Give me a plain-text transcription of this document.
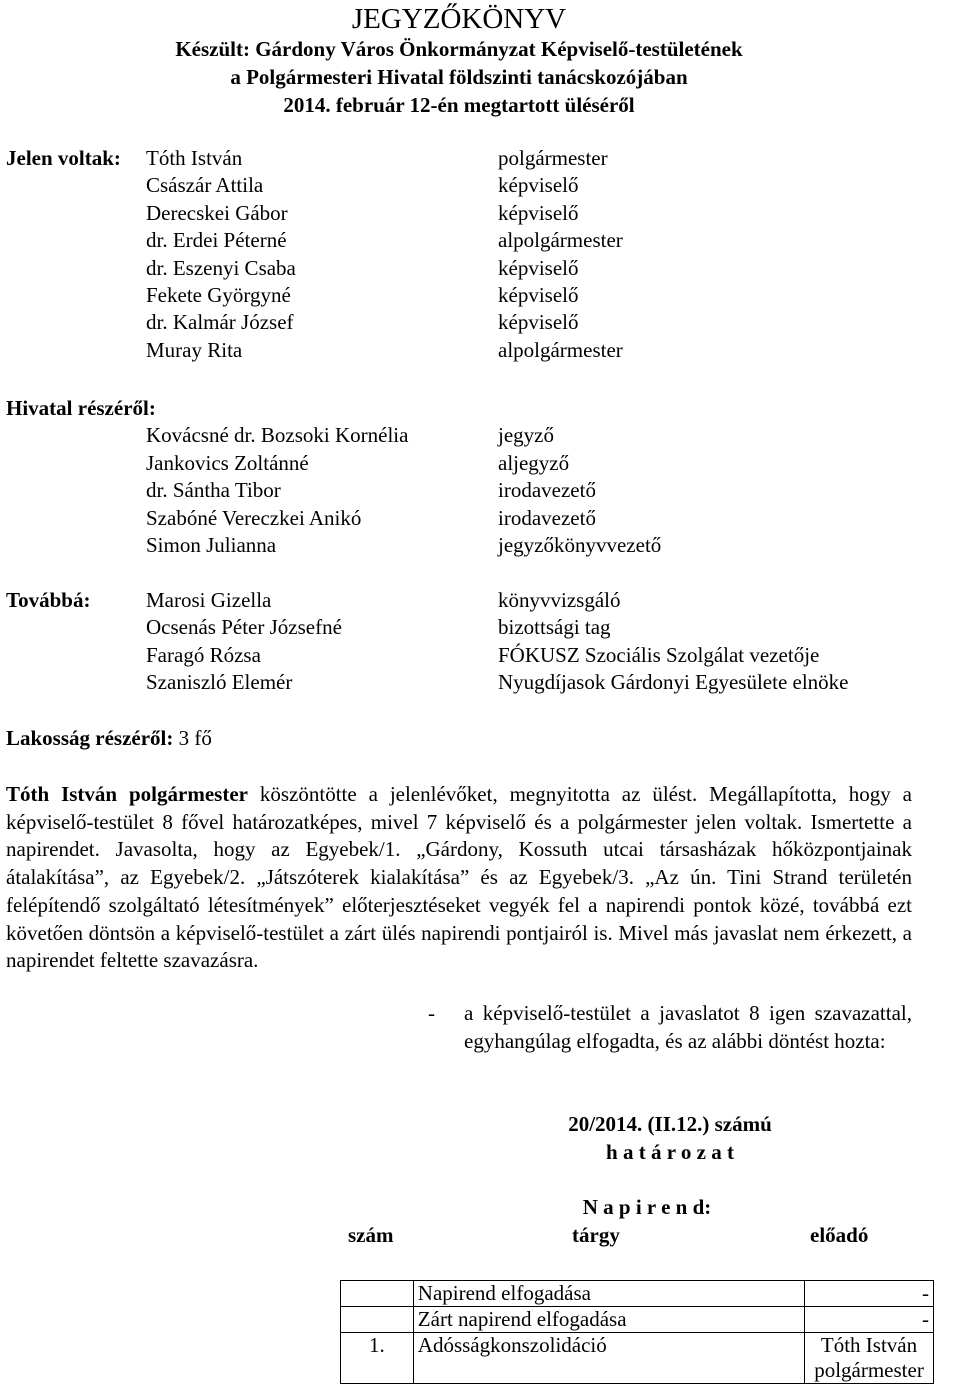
JEGYZŐKÖNYV
Készült: Gárdony Város Önkormányzat Képviselő-testületének
a Polgármesteri Hivatal földszinti tanácskozójában
2014. február 12-én megtartott üléséről
Jelen voltak: Tóth István	polgármester
Császár Attila	képviselő
Derecskei Gábor	képviselő
dr. Erdei Péterné	alpolgármester
dr. Eszenyi Csaba	képviselő
Fekete Györgyné	képviselő
dr. Kalmár József	képviselő
Muray Rita	alpolgármester
Hivatal részéről:
Kovácsné dr. Bozsoki Kornélia	jegyző
Jankovics Zoltánné	aljegyző
dr. Sántha Tibor	irodavezető
Szabóné Vereczkei Anikó	irodavezető
Simon Julianna	jegyzőkönyvvezető
Továbbá:	Marosi Gizella	könyvvizsgáló
Ocsenás Péter Józsefné	bizottsági tag
Faragó Rózsa	FÓKUSZ Szociális Szolgálat vezetője
Szaniszló Elemér	Nyugdíjasok Gárdonyi Egyesülete elnöke
Lakosság részéről: 3 fő

Tóth István polgármester köszöntötte a jelenlévőket, megnyitotta az ülést. Megállapította, hogy a képviselő-testület 8 fővel határozatképes, mivel 7 képviselő és a polgármester jelen voltak. Ismertette a napirendet. Javasolta, hogy az Egyebek/1. „Gárdony, Kossuth utcai társasházak hőközpontjainak átalakítása”, az Egyebek/2. „Játszóterek kialakítása” és az Egyebek/3. „Az ún. Tini Strand területén felépítendő szolgáltató létesítmények” előterjesztéseket vegyék fel a napirendi pontok közé, továbbá ezt követően döntsön a képviselő-testület a zárt ülés napirendi pontjairól is. Mivel más javaslat nem érkezett, a napirendet feltette szavazásra.

- a képviselő-testület a javaslatot 8 igen szavazattal, egyhangúlag elfogadta, és az alábbi döntést hozta:
20/2014. (II.12.) számú
h a t á r o z a t
N a p i r e n d:
szám	tárgy	előadó
	Napirend elfogadása	-
	Zárt napirend elfogadása	-
1.	Adósságkonszolidáció	Tóth István
polgármester
